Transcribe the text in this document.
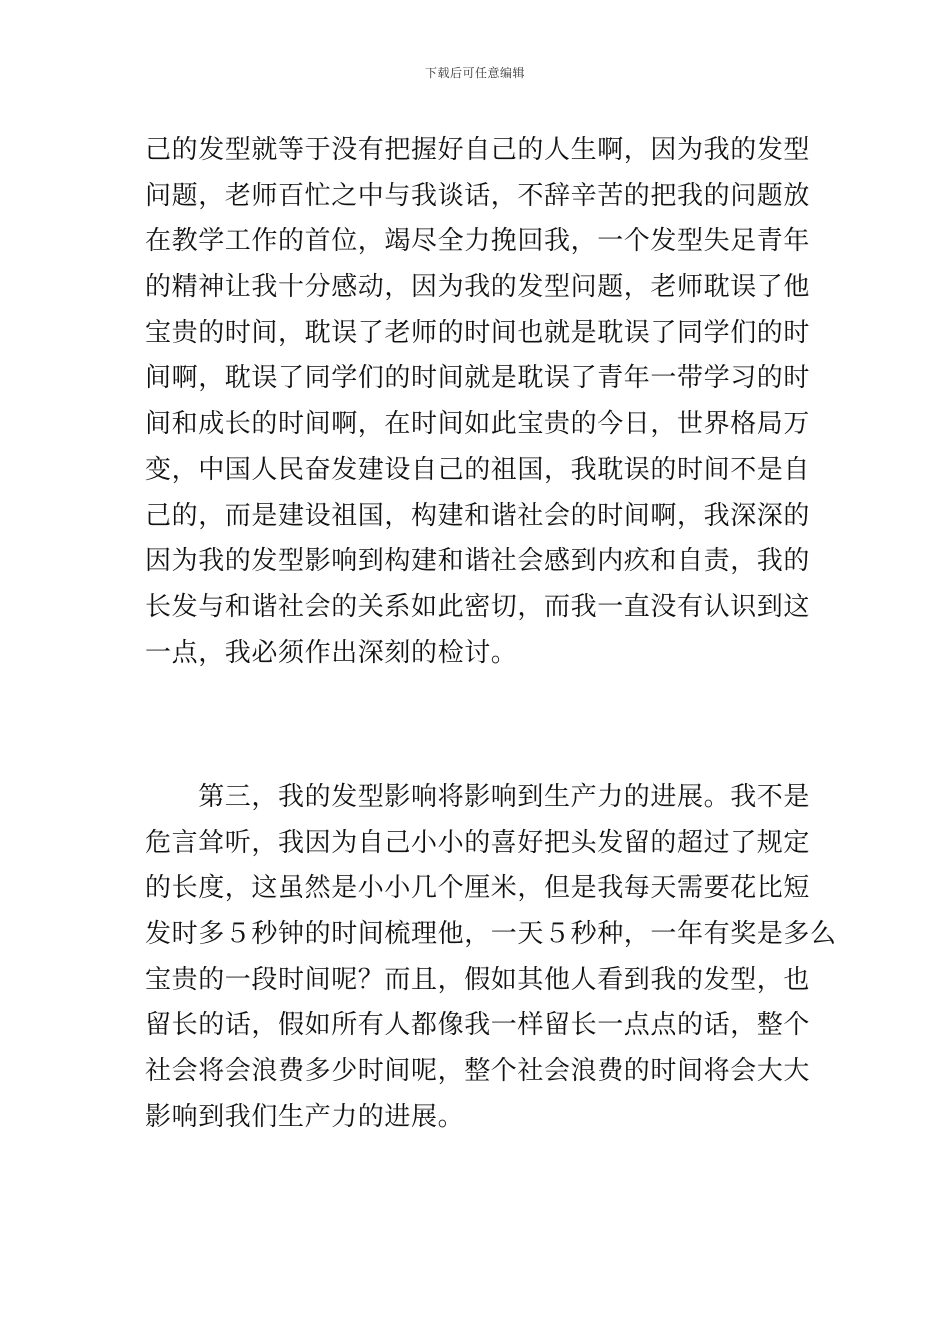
下载后可任意编辑
己的发型就等于没有把握好自己的人生啊，因为我的发型
问题，老师百忙之中与我谈话，不辞辛苦的把我的问题放
在教学工作的首位，竭尽全力挽回我，一个发型失足青年
的精神让我十分感动，因为我的发型问题，老师耽误了他
宝贵的时间，耽误了老师的时间也就是耽误了同学们的时
间啊，耽误了同学们的时间就是耽误了青年一带学习的时
间和成长的时间啊，在时间如此宝贵的今日，世界格局万
变，中国人民奋发建设自己的祖国，我耽误的时间不是自
己的，而是建设祖国，构建和谐社会的时间啊，我深深的
因为我的发型影响到构建和谐社会感到内疚和自责，我的
长发与和谐社会的关系如此密切，而我一直没有认识到这
一点，我必须作出深刻的检讨。
　　第三，我的发型影响将影响到生产力的进展。我不是
危言耸听，我因为自己小小的喜好把头发留的超过了规定
的长度，这虽然是小小几个厘米，但是我每天需要花比短
发时多５秒钟的时间梳理他，一天５秒种，一年有奖是多么
宝贵的一段时间呢？而且，假如其他人看到我的发型，也
留长的话，假如所有人都像我一样留长一点点的话，整个
社会将会浪费多少时间呢，整个社会浪费的时间将会大大
影响到我们生产力的进展。
